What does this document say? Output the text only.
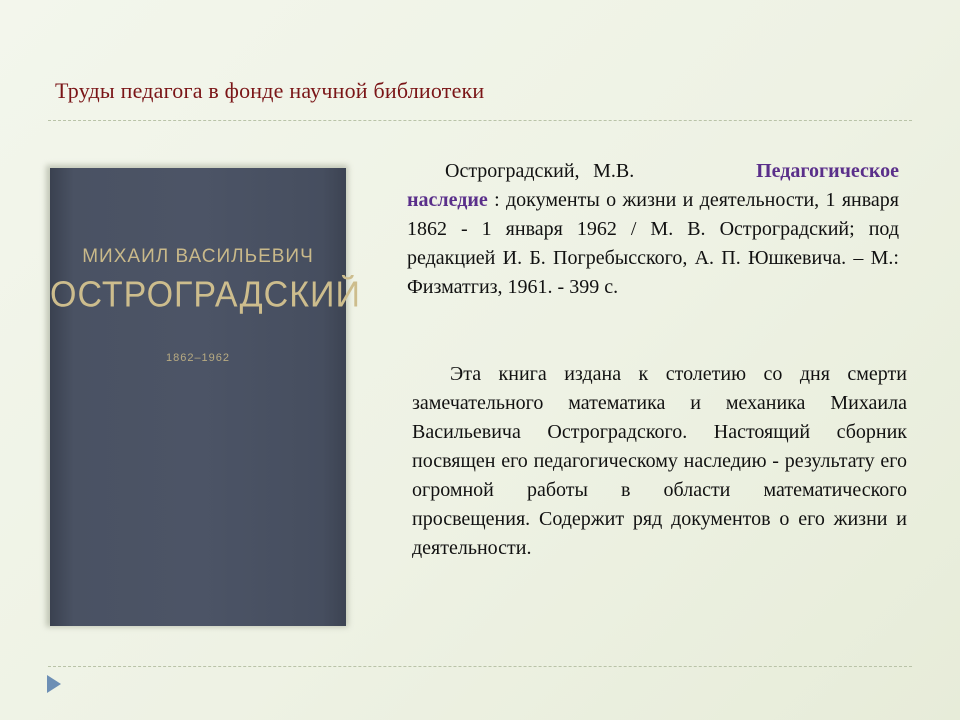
Труды педагога в фонде научной библиотеки
МИХАИЛ ВАСИЛЬЕВИЧ
ОСТРОГРАДСКИЙ
1862–1962
Остроградский, М.В.	Педагогическое наследие : документы о жизни и деятельности, 1 января 1862 - 1 января 1962 / М. В. Остроградский; под редакцией И. Б. Погребысского, А. П. Юшкевича. – М.: Физматгиз, 1961. - 399 с.
Эта книга издана к столетию со дня смерти замечательного математика и механика Михаила Васильевича Остроградского. Настоящий сборник посвящен его педагогическому наследию - результату его огромной работы в области математического просвещения. Содержит ряд документов о его жизни и деятельности.
